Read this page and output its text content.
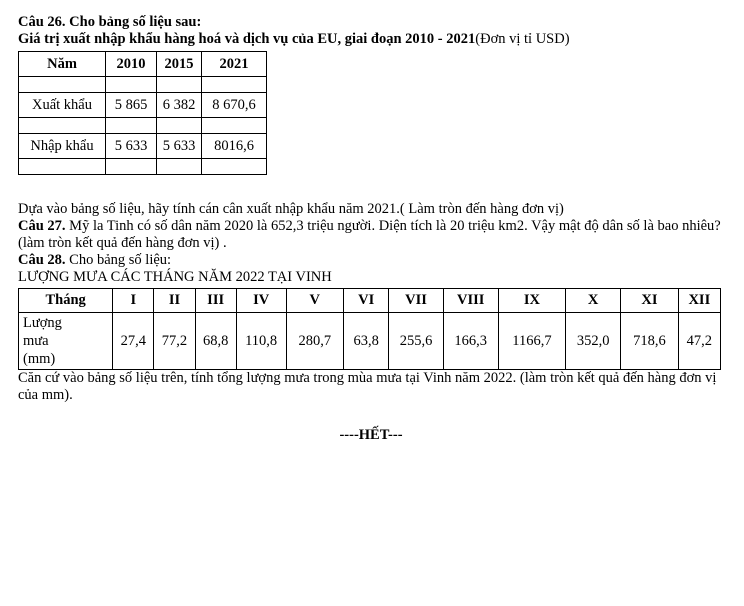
Câu 26. Cho bảng số liệu sau:
Giá trị xuất nhập khẩu hàng hoá và dịch vụ của EU, giai đoạn 2010 - 2021(Đơn vị tỉ USD)
Năm	2010	2015	2021

Xuất khẩu	5 865	6 382	8 670,6

Nhập khẩu	5 633	5 633	8016,6

Dựa vào bảng số liệu, hãy tính cán cân xuất nhập khẩu năm 2021.( Làm tròn đến hàng đơn vị)
Câu 27. Mỹ la Tinh có số dân năm 2020 là 652,3 triệu người. Diện tích là 20 triệu km2. Vậy mật độ dân số là bao nhiêu? (làm tròn kết quả đến hàng đơn vị) .
Câu 28. Cho bảng số liệu:
LƯỢNG MƯA CÁC THÁNG NĂM 2022 TẠI VINH
Tháng	I	II	III	IV	V	VI	VII	VIII	IX	X	XI	XII
Lượng
mưa
(mm)	27,4	77,2	68,8	110,8	280,7	63,8	255,6	166,3	1166,7	352,0	718,6	47,2
Căn cứ vào bảng số liệu trên, tính tổng lượng mưa trong mùa mưa tại Vinh năm 2022. (làm tròn kết quả đến hàng đơn vị của mm).
----HẾT---
